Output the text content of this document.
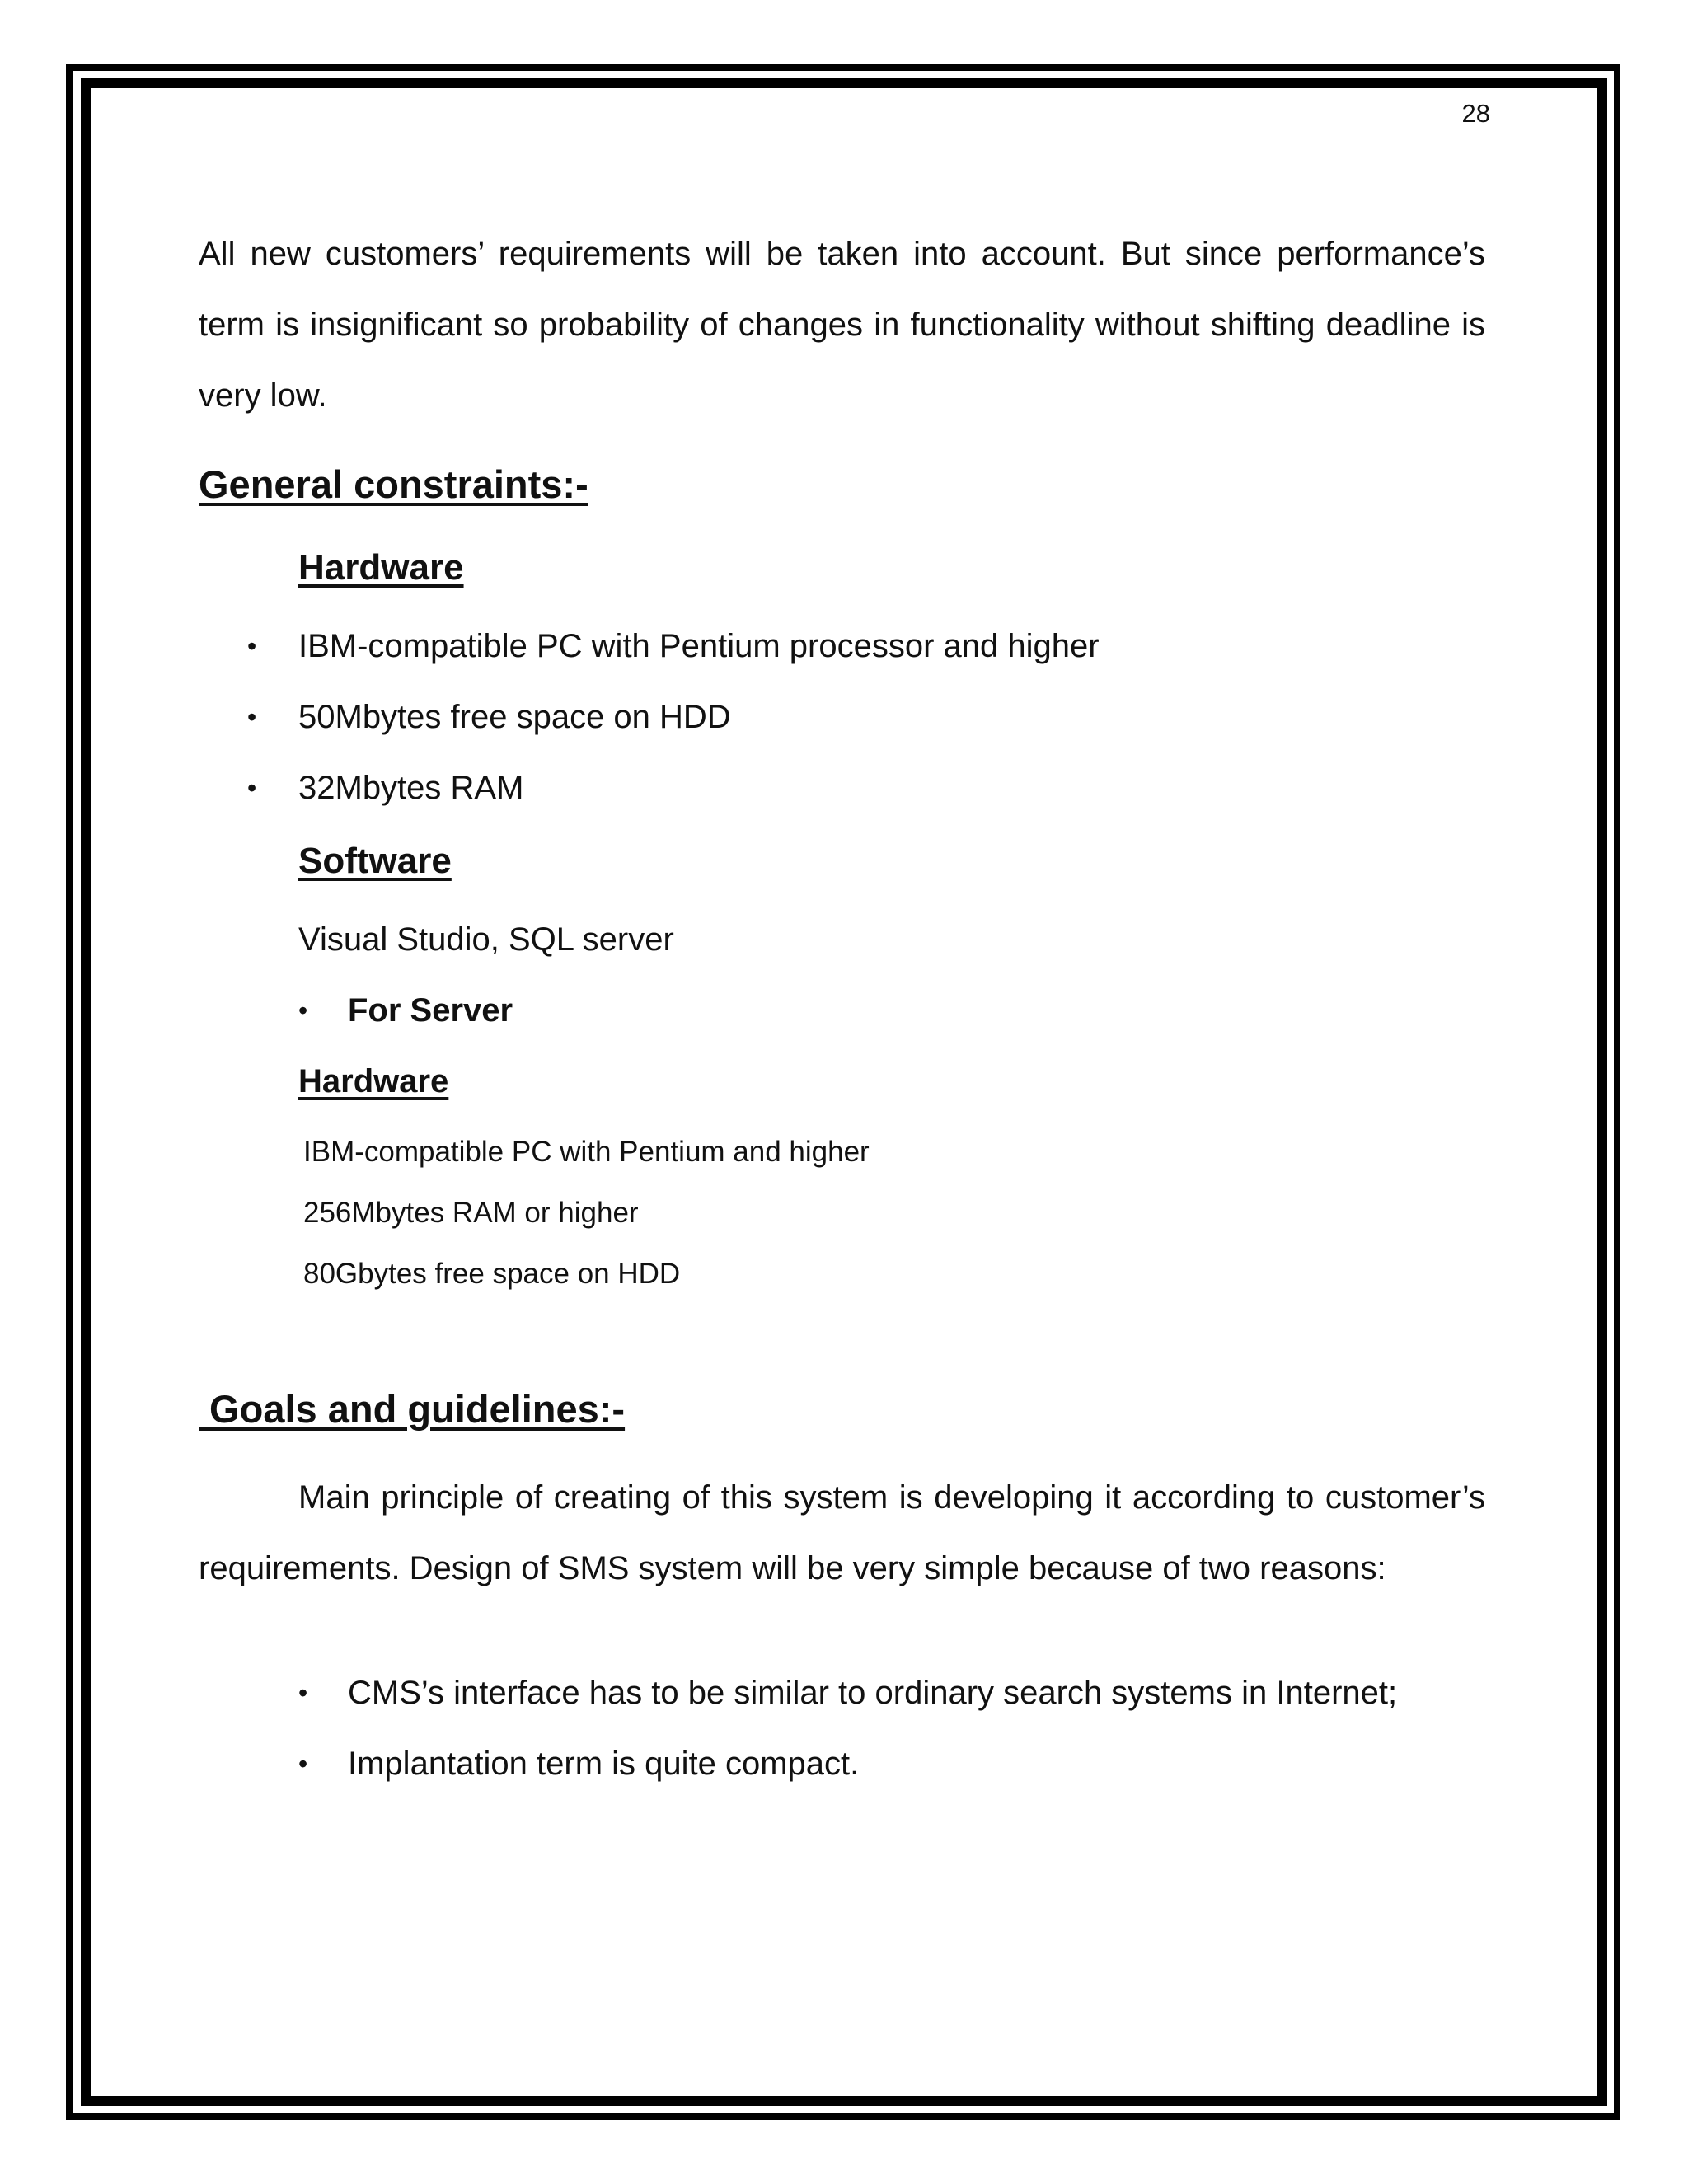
28

All new customers’ requirements will be taken into account. But since performance’s term is insignificant so probability of changes in functionality without shifting deadline is very low.

General constraints:-
Hardware
• IBM-compatible PC with Pentium processor and higher
• 50Mbytes free space on HDD
• 32Mbytes RAM
Software
Visual Studio, SQL server
• For Server
Hardware
IBM-compatible PC with Pentium and higher
256Mbytes RAM or higher
80Gbytes free space on HDD
Goals and guidelines:-

Main principle of creating of this system is developing it according to customer’s requirements. Design of SMS system will be very simple because of two reasons:

• CMS’s interface has to be similar to ordinary search systems in Internet;
• Implantation term is quite compact.
